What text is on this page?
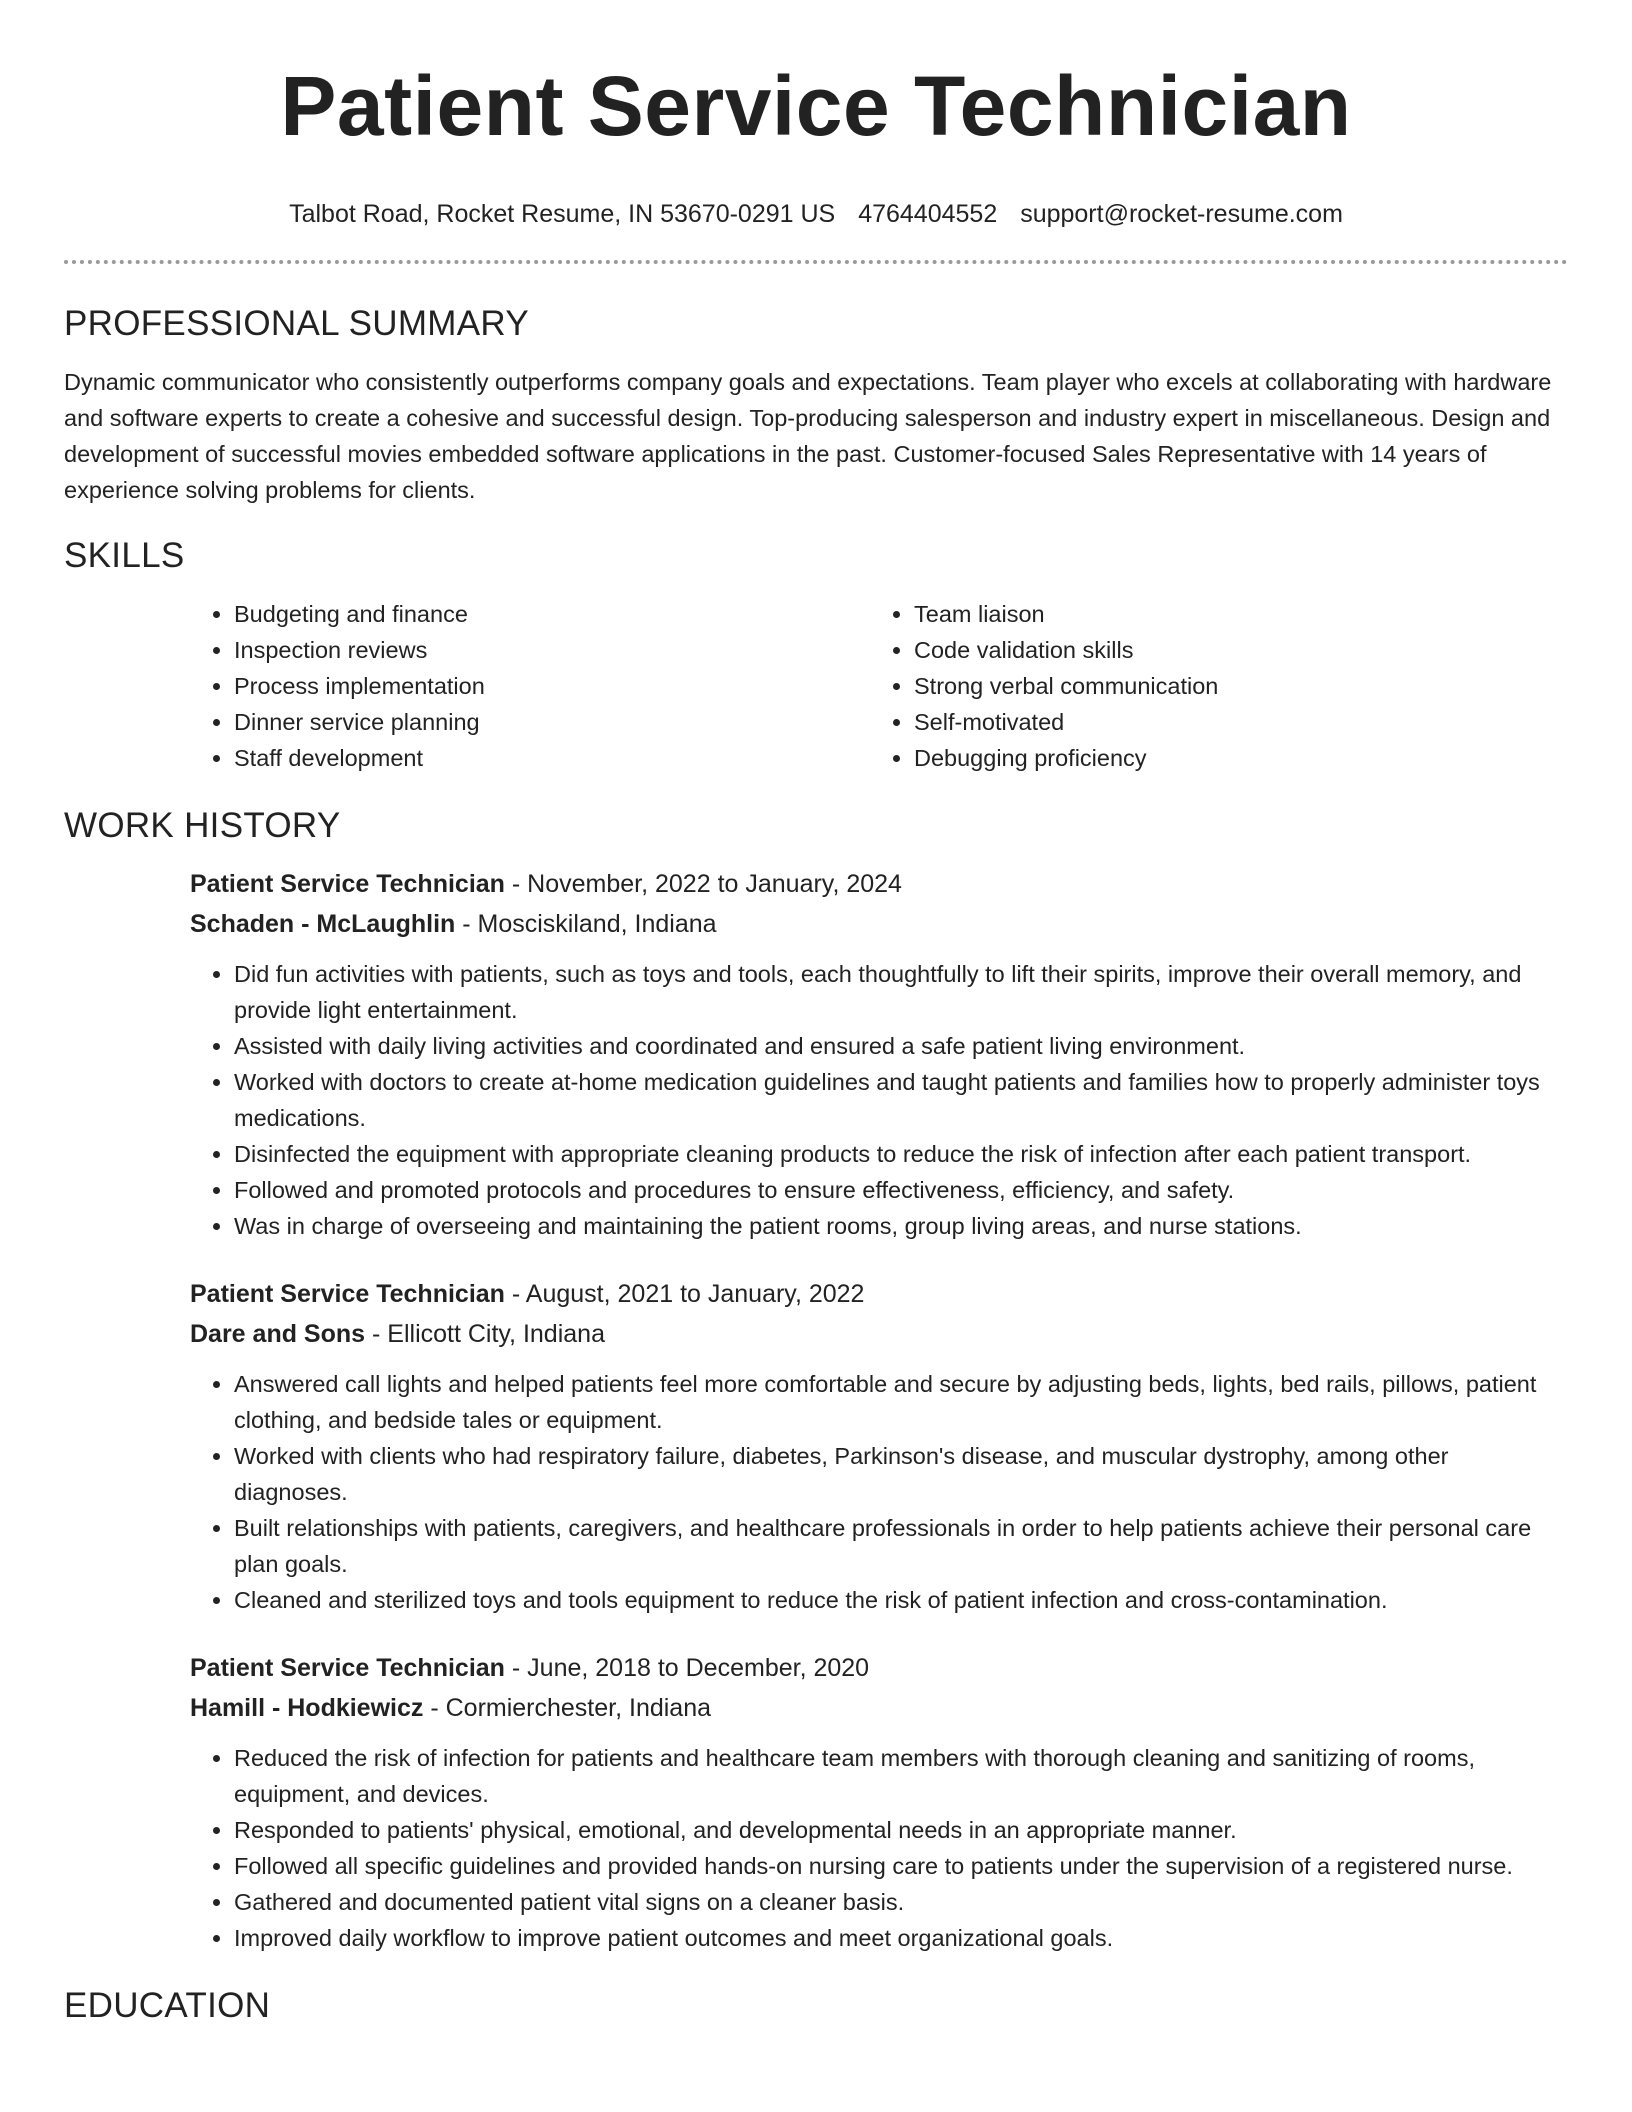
Patient Service Technician
Talbot Road, Rocket Resume, IN 53670-0291 US 4764404552 support@rocket-resume.com
PROFESSIONAL SUMMARY

Dynamic communicator who consistently outperforms company goals and expectations. Team player who excels at collaborating with hardware and software experts to create a cohesive and successful design. Top-producing salesperson and industry expert in miscellaneous. Design and development of successful movies embedded software applications in the past. Customer-focused Sales Representative with 14 years of experience solving problems for clients.

SKILLS
• Budgeting and finance
• Inspection reviews
• Process implementation
• Dinner service planning
• Staff development
• Team liaison
• Code validation skills
• Strong verbal communication
• Self-motivated
• Debugging proficiency
WORK HISTORY
Patient Service Technician - November, 2022 to January, 2024
Schaden - McLaughlin - Mosciskiland, Indiana
• Did fun activities with patients, such as toys and tools, each thoughtfully to lift their spirits, improve their overall memory, and provide light entertainment.
• Assisted with daily living activities and coordinated and ensured a safe patient living environment.
• Worked with doctors to create at-home medication guidelines and taught patients and families how to properly administer toys medications.
• Disinfected the equipment with appropriate cleaning products to reduce the risk of infection after each patient transport.
• Followed and promoted protocols and procedures to ensure effectiveness, efficiency, and safety.
• Was in charge of overseeing and maintaining the patient rooms, group living areas, and nurse stations.
Patient Service Technician - August, 2021 to January, 2022
Dare and Sons - Ellicott City, Indiana
• Answered call lights and helped patients feel more comfortable and secure by adjusting beds, lights, bed rails, pillows, patient clothing, and bedside tales or equipment.
• Worked with clients who had respiratory failure, diabetes, Parkinson's disease, and muscular dystrophy, among other diagnoses.
• Built relationships with patients, caregivers, and healthcare professionals in order to help patients achieve their personal care plan goals.
• Cleaned and sterilized toys and tools equipment to reduce the risk of patient infection and cross-contamination.
Patient Service Technician - June, 2018 to December, 2020
Hamill - Hodkiewicz - Cormierchester, Indiana
• Reduced the risk of infection for patients and healthcare team members with thorough cleaning and sanitizing of rooms, equipment, and devices.
• Responded to patients' physical, emotional, and developmental needs in an appropriate manner.
• Followed all specific guidelines and provided hands-on nursing care to patients under the supervision of a registered nurse.
• Gathered and documented patient vital signs on a cleaner basis.
• Improved daily workflow to improve patient outcomes and meet organizational goals.
EDUCATION
